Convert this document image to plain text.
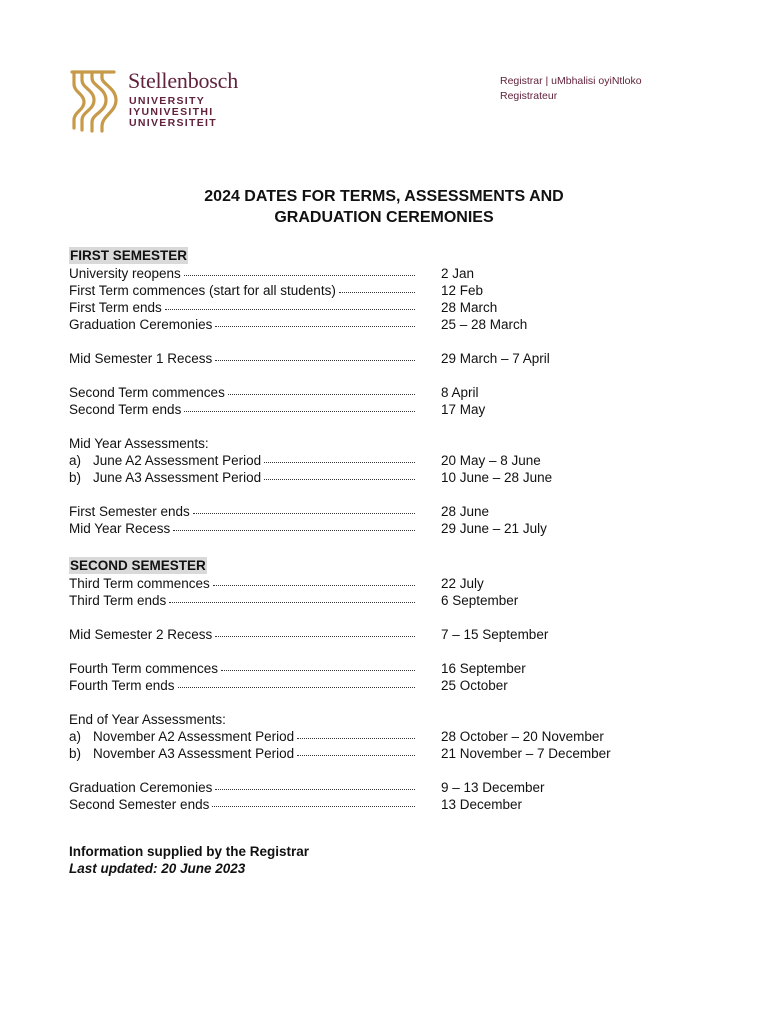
Stellenbosch
UNIVERSITY
IYUNIVESITHI
UNIVERSITEIT
Registrar | uMbhalisi oyiNtloko
Registrateur
2024 DATES FOR TERMS, ASSESSMENTS AND
GRADUATION CEREMONIES
FIRST SEMESTER
University reopens	2 Jan
First Term commences (start for all students)	12 Feb
First Term ends	28 March
Graduation Ceremonies	25 – 28 March
Mid Semester 1 Recess	29 March – 7 April
Second Term commences	8 April
Second Term ends	17 May
Mid Year Assessments:
a) June A2 Assessment Period	20 May – 8 June
b) June A3 Assessment Period	10 June – 28 June
First Semester ends	28 June
Mid Year Recess	29 June – 21 July
SECOND SEMESTER
Third Term commences	22 July
Third Term ends	6 September
Mid Semester 2 Recess	7 – 15 September
Fourth Term commences	16 September
Fourth Term ends	25 October
End of Year Assessments:
a) November A2 Assessment Period	28 October – 20 November
b) November A3 Assessment Period	21 November – 7 December
Graduation Ceremonies	9 – 13 December
Second Semester ends	13 December
Information supplied by the Registrar
Last updated: 20 June 2023
